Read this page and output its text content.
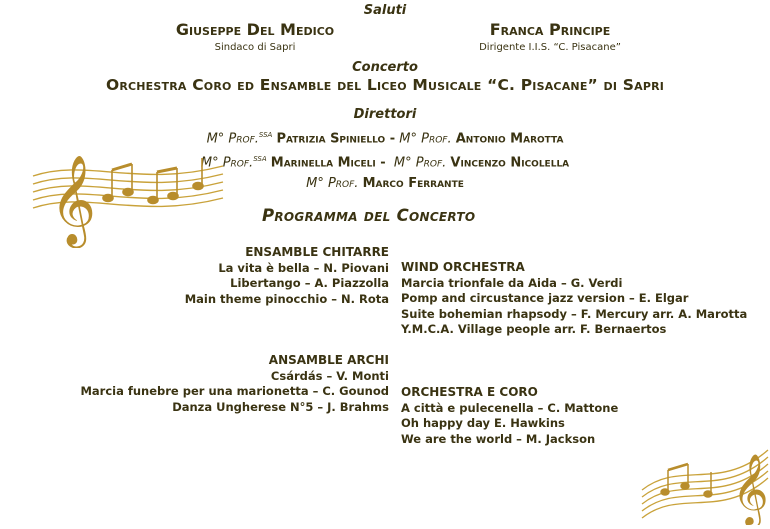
Saluti
Giuseppe Del Medico
Sindaco di Sapri
Franca Principe
Dirigente I.I.S. “C. Pisacane”
Concerto
Orchestra Coro ed Ensamble del Liceo Musicale “C. Pisacane” di Sapri
Direttori
M° Prof.$^{SSA}$ Patrizia Spiniello - M° Prof. Antonio Marotta
M° Prof.$^{SSA}$ Marinella Miceli -  M° Prof. Vincenzo Nicolella
M° Prof. Marco Ferrante
Programma del Concerto
ENSAMBLE CHITARRE
La vita è bella – N. Piovani
Libertango – A. Piazzolla
Main theme pinocchio – N. Rota
ANSAMBLE ARCHI
Csárdás – V. Monti
Marcia funebre per una marionetta – C. Gounod
Danza Ungherese N°5 – J. Brahms
WIND ORCHESTRA
Marcia trionfale da Aida – G. Verdi
Pomp and circustance jazz version – E. Elgar
Suite bohemian rhapsody – F. Mercury arr. A. Marotta
Y.M.C.A. Village people arr. F. Bernaertos
ORCHESTRA E CORO
A città e pulecenella – C. Mattone
Oh happy day E. Hawkins
We are the world – M. Jackson
𝄞
𝄞
